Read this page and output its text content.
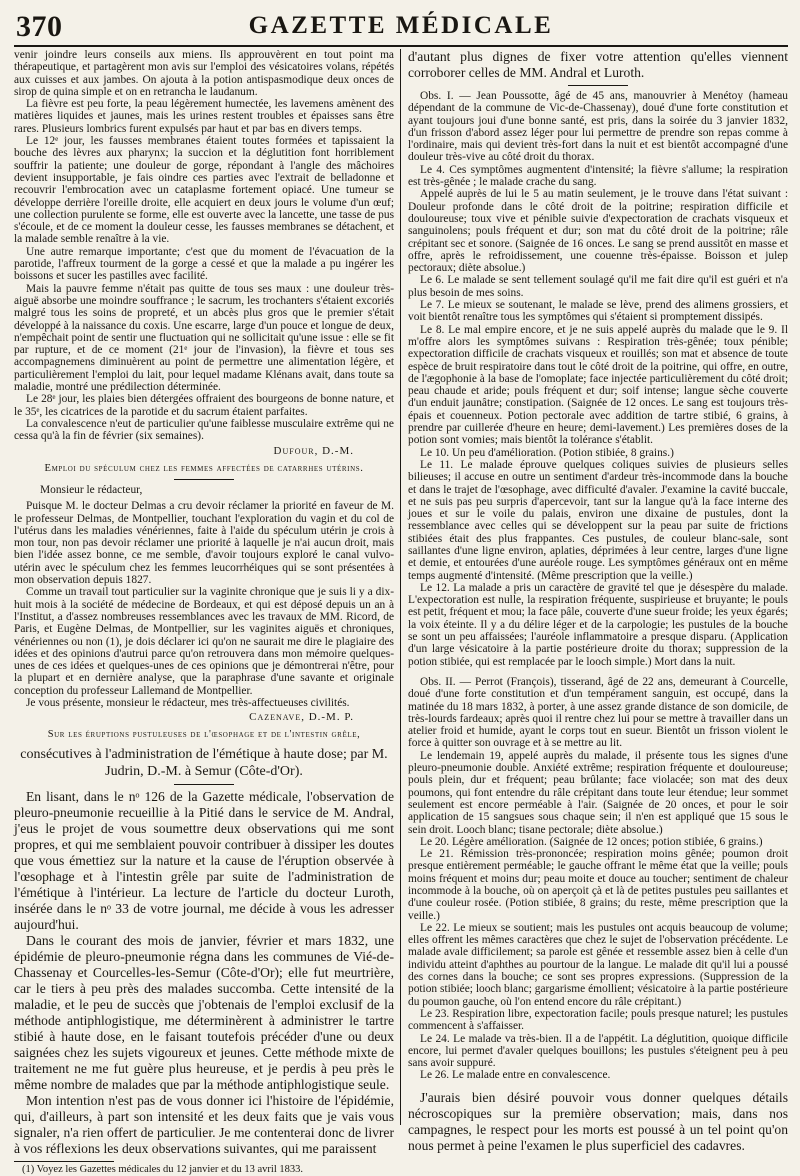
370	GAZETTE MÉDICALE

venir joindre leurs conseils aux miens. Ils approuvèrent en tout point ma thérapeutique, et partagèrent mon avis sur l'emploi des vésicatoires volans, répétés aux cuisses et aux jambes. On ajouta à la potion antispasmodique deux onces de sirop de quina simple et on en retrancha le laudanum.

La fièvre est peu forte, la peau légèrement humectée, les lavemens amènent des matières liquides et jaunes, mais les urines restent troubles et épaisses sans être rares. Plusieurs lombrics furent expulsés par haut et par bas en divers temps.

Le 12ᵉ jour, les fausses membranes étaient toutes formées et tapissaient la bouche des lèvres aux pharynx; la succion et la déglutition font horriblement souffrir la patiente; une douleur de gorge, répondant à l'angle des mâchoires devient insupportable, je fais oindre ces parties avec l'extrait de belladonne et recouvrir l'embrocation avec un cataplasme fortement opiacé. Une tumeur se développe derrière l'oreille droite, elle acquiert en deux jours le volume d'un œuf; une collection purulente se forme, elle est ouverte avec la lancette, une tasse de pus s'écoule, et de ce moment la douleur cesse, les fausses membranes se détachent, et la malade semble renaître à la vie.

Une autre remarque importante; c'est que du moment de l'évacuation de la parotide, l'affreux tourment de la gorge a cessé et que la malade a pu ingérer les boissons et sucer les pastilles avec facilité.

Mais la pauvre femme n'était pas quitte de tous ses maux : une douleur très-aiguë absorbe une moindre souffrance ; le sacrum, les trochanters s'étaient excoriés malgré tous les soins de propreté, et un abcès plus gros que le premier s'était développé à la naissance du coxis. Une escarre, large d'un pouce et longue de deux, n'empêchait point de sentir une fluctuation qui ne sollicitait qu'une issue : elle se fit par rupture, et de ce moment (21ᵉ jour de l'invasion), la fièvre et tous ses accompagnemens diminuèrent au point de permettre une alimentation légère, et particulièrement l'emploi du lait, pour lequel madame Klénans avait, dans toute sa maladie, montré une prédilection déterminée.

Le 28ᵉ jour, les plaies bien détergées offraient des bourgeons de bonne nature, et le 35ᵉ, les cicatrices de la parotide et du sacrum étaient parfaites.

La convalescence n'eut de particulier qu'une faiblesse musculaire extrême qui ne cessa qu'à la fin de février (six semaines).

Dufour, D.-M.
Emploi du spéculum chez les femmes affectées de catarrhes utérins.

Monsieur le rédacteur,

Puisque M. le docteur Delmas a cru devoir réclamer la priorité en faveur de M. le professeur Delmas, de Montpellier, touchant l'exploration du vagin et du col de l'utérus dans les maladies vénériennes, faite à l'aide du spéculum utérin je crois à mon tour, non pas devoir réclamer une priorité à laquelle je n'ai aucun droit, mais bien l'idée assez bonne, ce me semble, d'avoir toujours exploré le canal vulvo-utérin avec le spéculum chez les femmes leucorrhéiques qui se sont présentées à mon observation depuis 1827.

Comme un travail tout particulier sur la vaginite chronique que je suis li y a dix-huit mois à la société de médecine de Bordeaux, et qui est déposé depuis un an à l'Institut, a d'assez nombreuses ressemblances avec les travaux de MM. Ricord, de Paris, et Eugène Delmas, de Montpellier, sur les vaginites aiguës et chroniques, vénériennes ou non (1), je dois déclarer ici qu'on ne saurait me dire le plagiaire des idées et des opinions d'autrui parce qu'on retrouvera dans mon mémoire quelques-unes de ces idées et quelques-unes de ces opinions que je démontrerai n'être, pour la plupart et en dernière analyse, que la paraphrase d'une savante et originale conception du professeur Lallemand de Montpellier.

Je vous présente, monsieur le rédacteur, mes très-affectueuses civilités.

Cazenave, D.-M. P.
Sur les éruptions pustuleuses de l'œsophage et de l'intestin grêle,
consécutives à l'administration de l'émétique à haute dose; par M. Judrin, D.-M. à Semur (Côte-d'Or).

En lisant, dans le nᵒ 126 de la Gazette médicale, l'observation de pleuro-pneumonie recueillie à la Pitié dans le service de M. Andral, j'eus le projet de vous soumettre deux observations qui me sont propres, et qui me semblaient pouvoir contribuer à dissiper les doutes que vous émettiez sur la nature et la cause de l'éruption observée à l'œsophage et à l'intestin grêle par suite de l'administration de l'émétique à l'intérieur. La lecture de l'article du docteur Luroth, insérée dans le nᵒ 33 de votre journal, me décide à vous les adresser aujourd'hui.

Dans le courant des mois de janvier, février et mars 1832, une épidémie de pleuro-pneumonie régna dans les communes de Vié-de-Chassenay et Courcelles-les-Semur (Côte-d'Or); elle fut meurtrière, car le tiers à peu près des malades succomba. Cette intensité de la maladie, et le peu de succès que j'obtenais de l'emploi exclusif de la méthode antiphlogistique, me déterminèrent à administrer le tartre stibié à haute dose, en le faisant toutefois précéder d'une ou deux saignées chez les sujets vigoureux et jeunes. Cette méthode mixte de traitement ne me fut guère plus heureuse, et je perdis à peu près le même nombre de malades que par la méthode antiphlogistique seule.

Mon intention n'est pas de vous donner ici l'histoire de l'épidémie, qui, d'ailleurs, à part son intensité et les deux faits que je vais vous signaler, n'a rien offert de particulier. Je me contenterai donc de livrer à vos réflexions les deux observations suivantes, qui me paraissent

(1) Voyez les Gazettes médicales du 12 janvier et du 13 avril 1833.

d'autant plus dignes de fixer votre attention qu'elles viennent corroborer celles de MM. Andral et Luroth.

Obs. I. — Jean Poussotte, âgé de 45 ans, manouvrier à Menétoy (hameau dépendant de la commune de Vic-de-Chassenay), doué d'une forte constitution et ayant toujours joui d'une bonne santé, est pris, dans la soirée du 3 janvier 1832, d'un frisson d'abord assez léger pour lui permettre de prendre son repas comme à l'ordinaire, mais qui devient très-fort dans la nuit et est bientôt accompagné d'une douleur très-vive au côté droit du thorax.

Le 4. Ces symptômes augmentent d'intensité; la fièvre s'allume; la respiration est très-gênée ; le malade crache du sang.

Appelé auprès de lui le 5 au matin seulement, je le trouve dans l'état suivant : Douleur profonde dans le côté droit de la poitrine; respiration difficile et douloureuse; toux vive et pénible suivie d'expectoration de crachats visqueux et sanguinolens; pouls fréquent et dur; son mat du côté droit de la poitrine; râle crépitant sec et sonore. (Saignée de 16 onces. Le sang se prend aussitôt en masse et offre, après le refroidissement, une couenne très-épaisse. Boisson et julep pectoraux; diète absolue.)

Le 6. Le malade se sent tellement soulagé qu'il me fait dire qu'il est guéri et n'a plus besoin de mes soins.

Le 7. Le mieux se soutenant, le malade se lève, prend des alimens grossiers, et voit bientôt renaître tous les symptômes qui s'étaient si promptement dissipés.

Le 8. Le mal empire encore, et je ne suis appelé auprès du malade que le 9. Il m'offre alors les symptômes suivans : Respiration très-gênée; toux pénible; expectoration difficile de crachats visqueux et rouillés; son mat et absence de toute espèce de bruit respiratoire dans tout le côté droit de la poitrine, qui offre, en outre, de l'ægophonie à la base de l'omoplate; face injectée particulièrement du côté droit; peau chaude et aride; pouls fréquent et dur; soif intense; langue sèche couverte d'un enduit jaunâtre; constipation. (Saignée de 12 onces. Le sang est toujours très-épais et couenneux. Potion pectorale avec addition de tartre stibié, 6 grains, à prendre par cuillerée d'heure en heure; demi-lavement.) Les premières doses de la potion sont vomies; mais bientôt la tolérance s'établit.

Le 10. Un peu d'amélioration. (Potion stibiée, 8 grains.)

Le 11. Le malade éprouve quelques coliques suivies de plusieurs selles bilieuses; il accuse en outre un sentiment d'ardeur très-incommode dans la bouche et dans le trajet de l'œsophage, avec difficulté d'avaler. J'examine la cavité buccale, et ne suis pas peu surpris d'apercevoir, tant sur la langue qu'à la face interne des joues et sur le voile du palais, environ une dixaine de pustules, dont la ressemblance avec celles qui se développent sur la peau par suite de frictions stibiées était des plus frappantes. Ces pustules, de couleur blanc-sale, sont saillantes d'une ligne environ, aplaties, déprimées à leur centre, larges d'une ligne et demie, et entourées d'une auréole rouge. Les symptômes généraux ont en même temps augmenté d'intensité. (Même prescription que la veille.)

Le 12. La malade a pris un caractère de gravité tel que je désespère du malade. L'expectoration est nulle, la respiration fréquente, suspirieuse et bruyante; le pouls est petit, fréquent et mou; la face pâle, couverte d'une sueur froide; les yeux égarés; la voix éteinte. Il y a du délire léger et de la carpologie; les pustules de la bouche se sont un peu affaissées; l'auréole inflammatoire a presque disparu. (Application d'un large vésicatoire à la partie postérieure droite du thorax; suppression de la potion stibiée, qui est remplacée par le looch simple.) Mort dans la nuit.

Obs. II. — Perrot (François), tisserand, âgé de 22 ans, demeurant à Courcelle, doué d'une forte constitution et d'un tempérament sanguin, est occupé, dans la matinée du 18 mars 1832, à porter, à une assez grande distance de son domicile, de très-lourds fardeaux; après quoi il rentre chez lui pour se mettre à travailler dans un atelier froid et humide, ayant le corps tout en sueur. Bientôt un frisson violent le force à quitter son ouvrage et à se mettre au lit.

Le lendemain 19, appelé auprès du malade, il présente tous les signes d'une pleuro-pneumonie double. Anxiété extrême; respiration fréquente et douloureuse; pouls plein, dur et fréquent; peau brûlante; face violacée; son mat des deux poumons, qui font entendre du râle crépitant dans toute leur étendue; leur sommet seulement est encore perméable à l'air. (Saignée de 20 onces, et pour le soir application de 15 sangsues sous chaque sein; il n'en est appliqué que 15 sous le sein droit. Looch blanc; tisane pectorale; diète absolue.)

Le 20. Légère amélioration. (Saignée de 12 onces; potion stibiée, 6 grains.)

Le 21. Rémission très-prononcée; respiration moins gênée; poumon droit presque entièrement perméable; le gauche offrant le même état que la veille; pouls moins fréquent et moins dur; peau moite et douce au toucher; sentiment de chaleur incommode à la bouche, où on aperçoit çà et là de petites pustules peu saillantes et d'une couleur rosée. (Potion stibiée, 8 grains; du reste, même prescription que la veille.)

Le 22. Le mieux se soutient; mais les pustules ont acquis beaucoup de volume; elles offrent les mêmes caractères que chez le sujet de l'observation précédente. Le malade avale difficilement; sa parole est gênée et ressemble assez bien à celle d'un individu atteint d'aphthes au pourtour de la langue. Le malade dit qu'il lui a poussé des cornes dans la bouche; ce sont ses propres expressions. (Suppression de la potion stibiée; looch blanc; gargarisme émollient; vésicatoire à la partie postérieure du poumon gauche, où l'on entend encore du râle crépitant.)

Le 23. Respiration libre, expectoration facile; pouls presque naturel; les pustules commencent à s'affaisser.

Le 24. Le malade va très-bien. Il a de l'appétit. La déglutition, quoique difficile encore, lui permet d'avaler quelques bouillons; les pustules s'éteignent peu à peu sans avoir suppuré.

Le 26. Le malade entre en convalescence.

J'aurais bien désiré pouvoir vous donner quelques détails nécroscopiques sur la première observation; mais, dans nos campagnes, le respect pour les morts est poussé à un tel point qu'on nous permet à peine l'examen le plus superficiel des cadavres.
